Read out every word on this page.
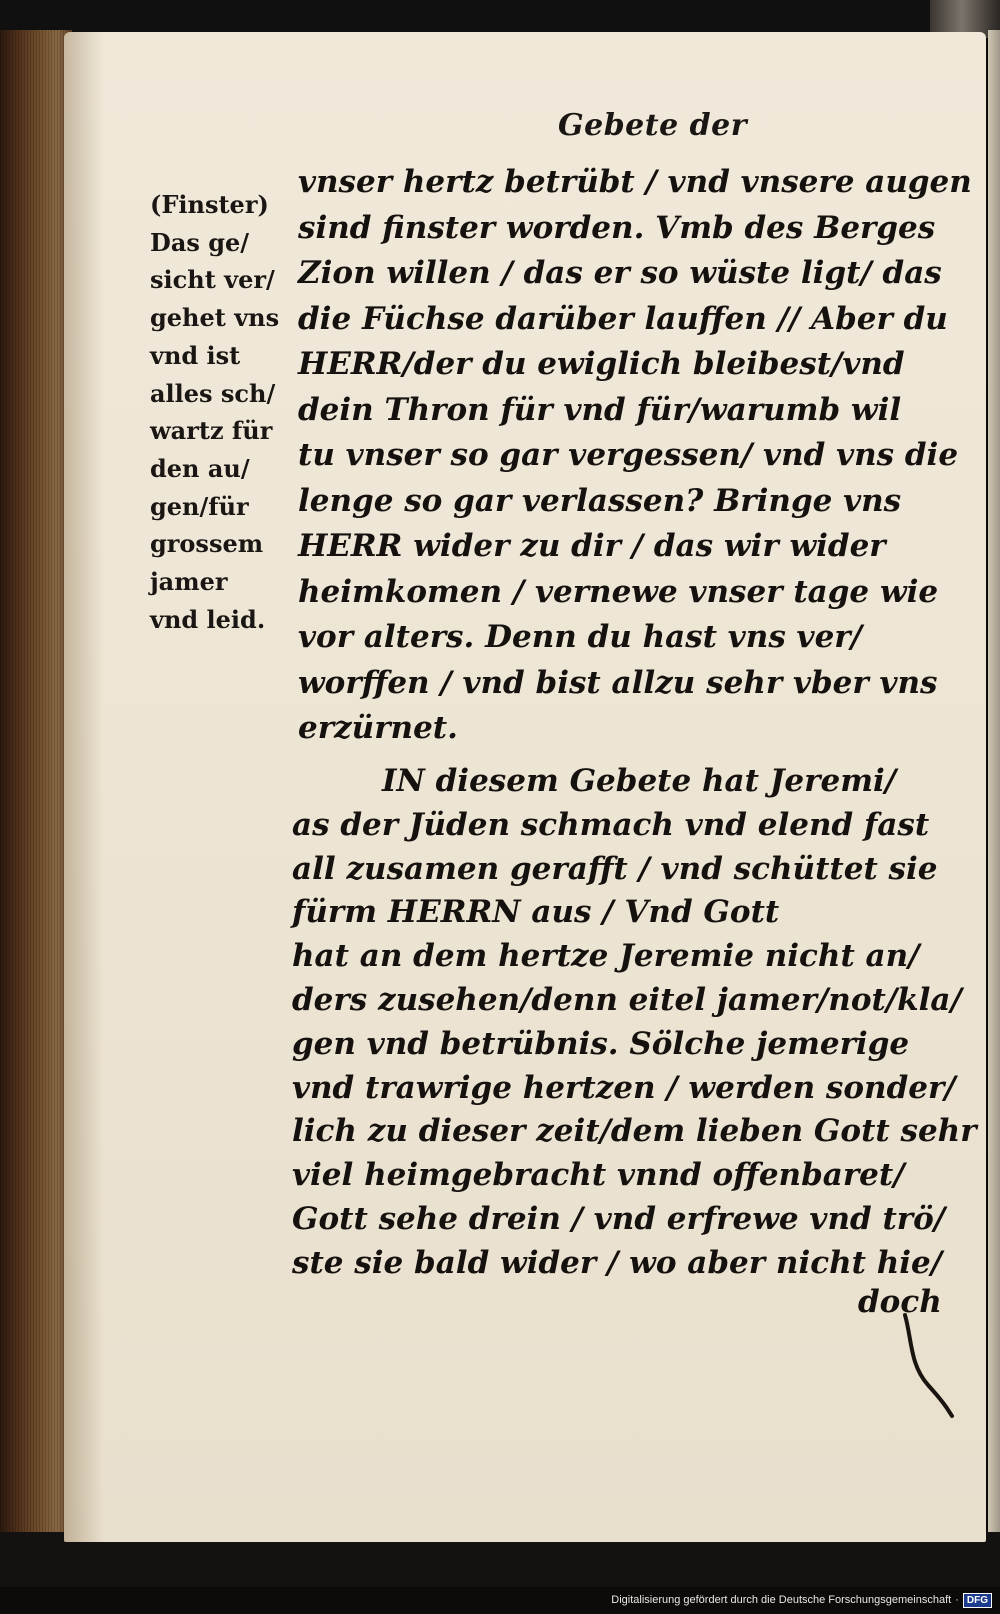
Gebete der
(Finster)
Das ge/
sicht ver/
gehet vns
vnd ist
alles sch/
wartz für
den au/
gen/für
grossem
jamer
vnd leid.
vnser hertz betrübt / vnd vnsere augen
sind finster worden. Vmb des Berges
Zion willen / das er so wüste ligt/ das
die Füchse darüber lauffen // Aber du
HERR/der du ewiglich bleibest/vnd
dein Thron für vnd für/warumb wil
tu vnser so gar vergessen/ vnd vns die
lenge so gar verlassen? Bringe vns
HERR wider zu dir / das wir wider
heimkomen / vernewe vnser tage wie
vor alters. Denn du hast vns ver/
worffen / vnd bist allzu sehr vber vns
erzürnet.
IN diesem Gebete hat Jeremi/
as der Jüden schmach vnd elend fast
all zusamen gerafft / vnd schüttet sie
fürm HERRN aus / Vnd Gott
hat an dem hertze Jeremie nicht an/
ders zusehen/denn eitel jamer/not/kla/
gen vnd betrübnis. Sölche jemerige
vnd trawrige hertzen / werden sonder/
lich zu dieser zeit/dem lieben Gott sehr
viel heimgebracht vnnd offenbaret/
Gott sehe drein / vnd erfrewe vnd trö/
ste sie bald wider / wo aber nicht hie/
doch
Digitalisierung gefördert durch die Deutsche Forschungsgemeinschaft · DFG
